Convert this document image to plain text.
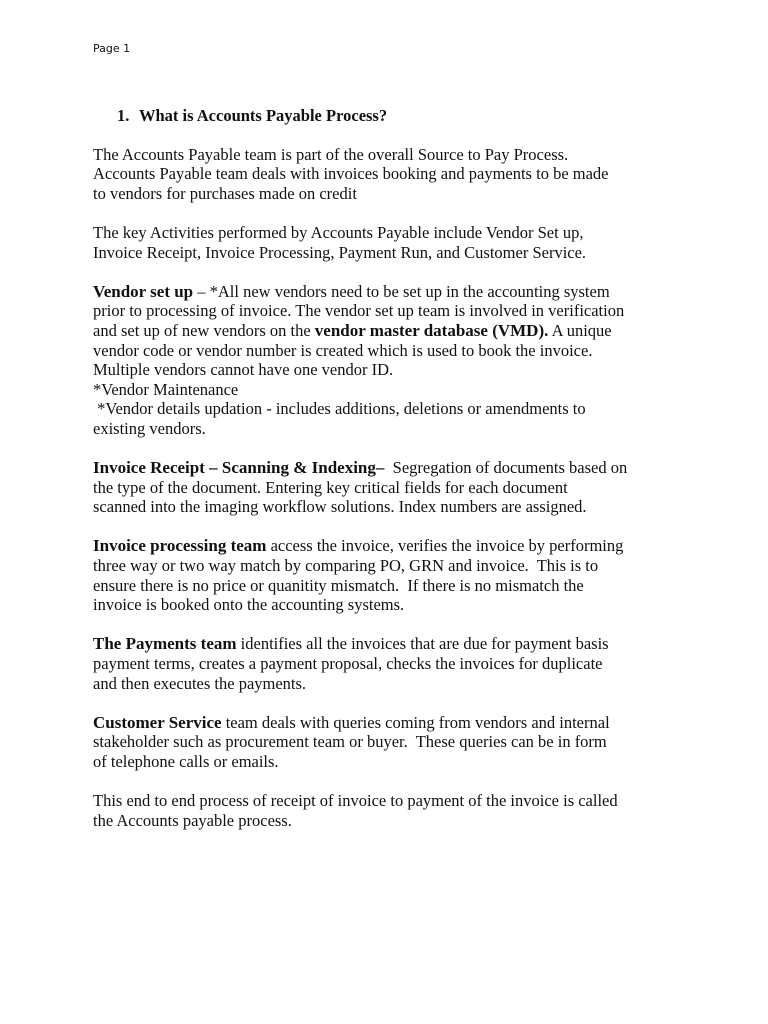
Page 1
1. What is Accounts Payable Process?
The Accounts Payable team is part of the overall Source to Pay Process.
Accounts Payable team deals with invoices booking and payments to be made
to vendors for purchases made on credit
The key Activities performed by Accounts Payable include Vendor Set up,
Invoice Receipt, Invoice Processing, Payment Run, and Customer Service.
Vendor set up – *All new vendors need to be set up in the accounting system
prior to processing of invoice. The vendor set up team is involved in verification
and set up of new vendors on the vendor master database (VMD). A unique
vendor code or vendor number is created which is used to book the invoice.
Multiple vendors cannot have one vendor ID.
*Vendor Maintenance
*Vendor details updation - includes additions, deletions or amendments to
existing vendors.
Invoice Receipt – Scanning & Indexing–  Segregation of documents based on
the type of the document. Entering key critical fields for each document
scanned into the imaging workflow solutions. Index numbers are assigned.
Invoice processing team access the invoice, verifies the invoice by performing
three way or two way match by comparing PO, GRN and invoice.  This is to
ensure there is no price or quanitity mismatch.  If there is no mismatch the
invoice is booked onto the accounting systems.
The Payments team identifies all the invoices that are due for payment basis
payment terms, creates a payment proposal, checks the invoices for duplicate
and then executes the payments.
Customer Service team deals with queries coming from vendors and internal
stakeholder such as procurement team or buyer.  These queries can be in form
of telephone calls or emails.
This end to end process of receipt of invoice to payment of the invoice is called
the Accounts payable process.
